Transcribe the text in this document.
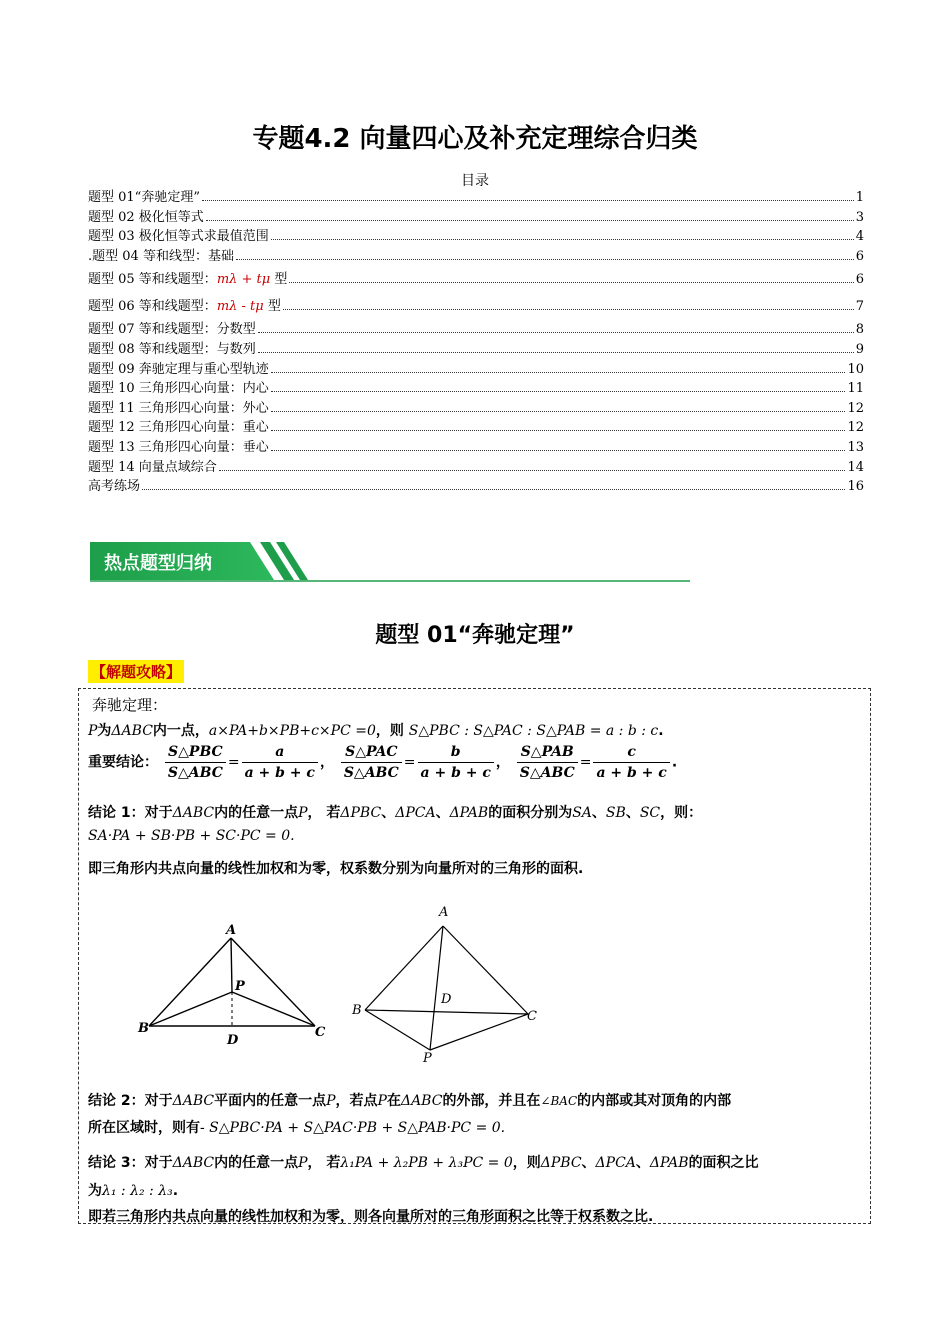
专题4.2 向量四心及补充定理综合归类
目录
题型 01“奔驰定理”	1
题型 02 极化恒等式	3
题型 03 极化恒等式求最值范围	4
.题型 04 等和线型：基础	6
题型 05 等和线题型：mλ + tμ 型	6
题型 06 等和线题型：mλ - tμ 型	7
题型 07 等和线题型：分数型	8
题型 08 等和线题型：与数列	9
题型 09 奔驰定理与重心型轨迹	10
题型 10 三角形四心向量：内心	11
题型 11 三角形四心向量：外心	12
题型 12 三角形四心向量：重心	12
题型 13 三角形四心向量：垂心	13
题型 14 向量点域综合	14
高考练场	16
热点题型归纳
题型 01“奔驰定理”
【解题攻略】
奔驰定理：
P为ΔABC内一点，a×PA+b×PB+c×PC =0，则 S△PBC : S△PAC : S△PAB = a : b : c.
重要结论： $\frac{\text{S△PBC}}{\text{S△ABC}} = \frac{a}{a + b + c}$ ， $\frac{\text{S△PAC}}{\text{S△ABC}} = \frac{b}{a + b + c}$ ， $\frac{\text{S△PAB}}{\text{S△ABC}} = \frac{c}{a + b + c}$ .
结论 1：对于ΔABC内的任意一点P， 若ΔPBC、ΔPCA、ΔPAB的面积分别为SA、SB、SC，则：
SA·PA + SB·PB + SC·PC = 0.
即三角形内共点向量的线性加权和为零，权系数分别为向量所对的三角形的面积.
A
B	C
D
P
A
B	C
D
P
结论 2：对于ΔABC平面内的任意一点P，若点P在ΔABC的外部，并且在∠BAC的内部或其对顶角的内部
所在区域时，则有- S△PBC·PA + S△PAC·PB + S△PAB·PC = 0.
结论 3：对于ΔABC内的任意一点P， 若λ₁PA + λ₂PB + λ₃PC = 0，则ΔPBC、ΔPCA、ΔPAB的面积之比
为λ₁ : λ₂ : λ₃.
即若三角形内共点向量的线性加权和为零，则各向量所对的三角形面积之比等于权系数之比.
